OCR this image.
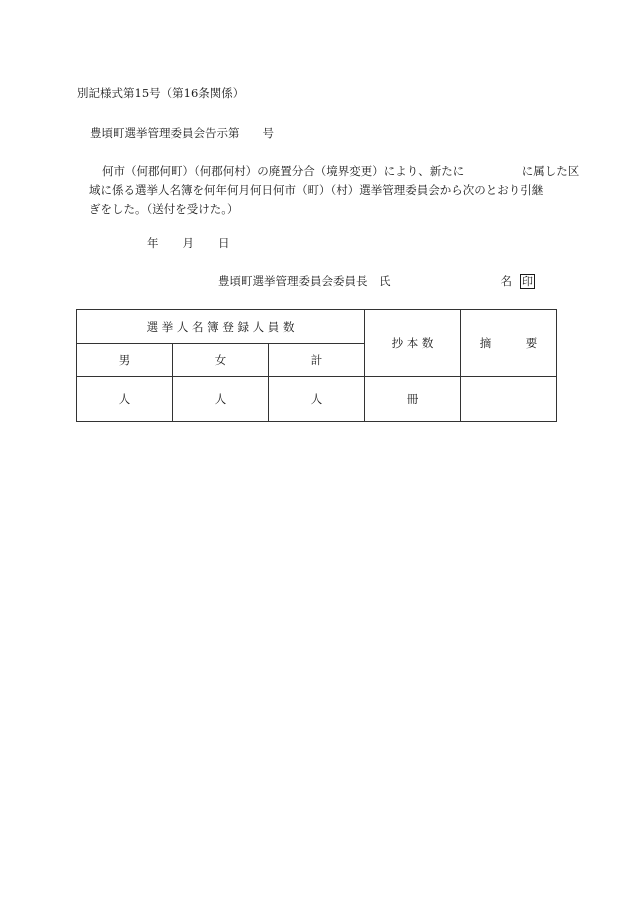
別記様式第15号（第16条関係）
豊頃町選挙管理委員会告示第　　号
何市（何郡何町）（何郡何村）の廃置分合（境界変更）により、新たに　　　　　に属した区
域に係る選挙人名簿を何年何月何日何市（町）（村）選挙管理委員会から次のとおり引継
ぎをした。（送付を受けた。）
年 月 日
豊頃町選挙管理委員会委員長　氏	名 印
選 挙 人 名 簿 登 録 人 員 数			抄 本 数	摘　　　要
男	女	計		
人	人	人	冊	
